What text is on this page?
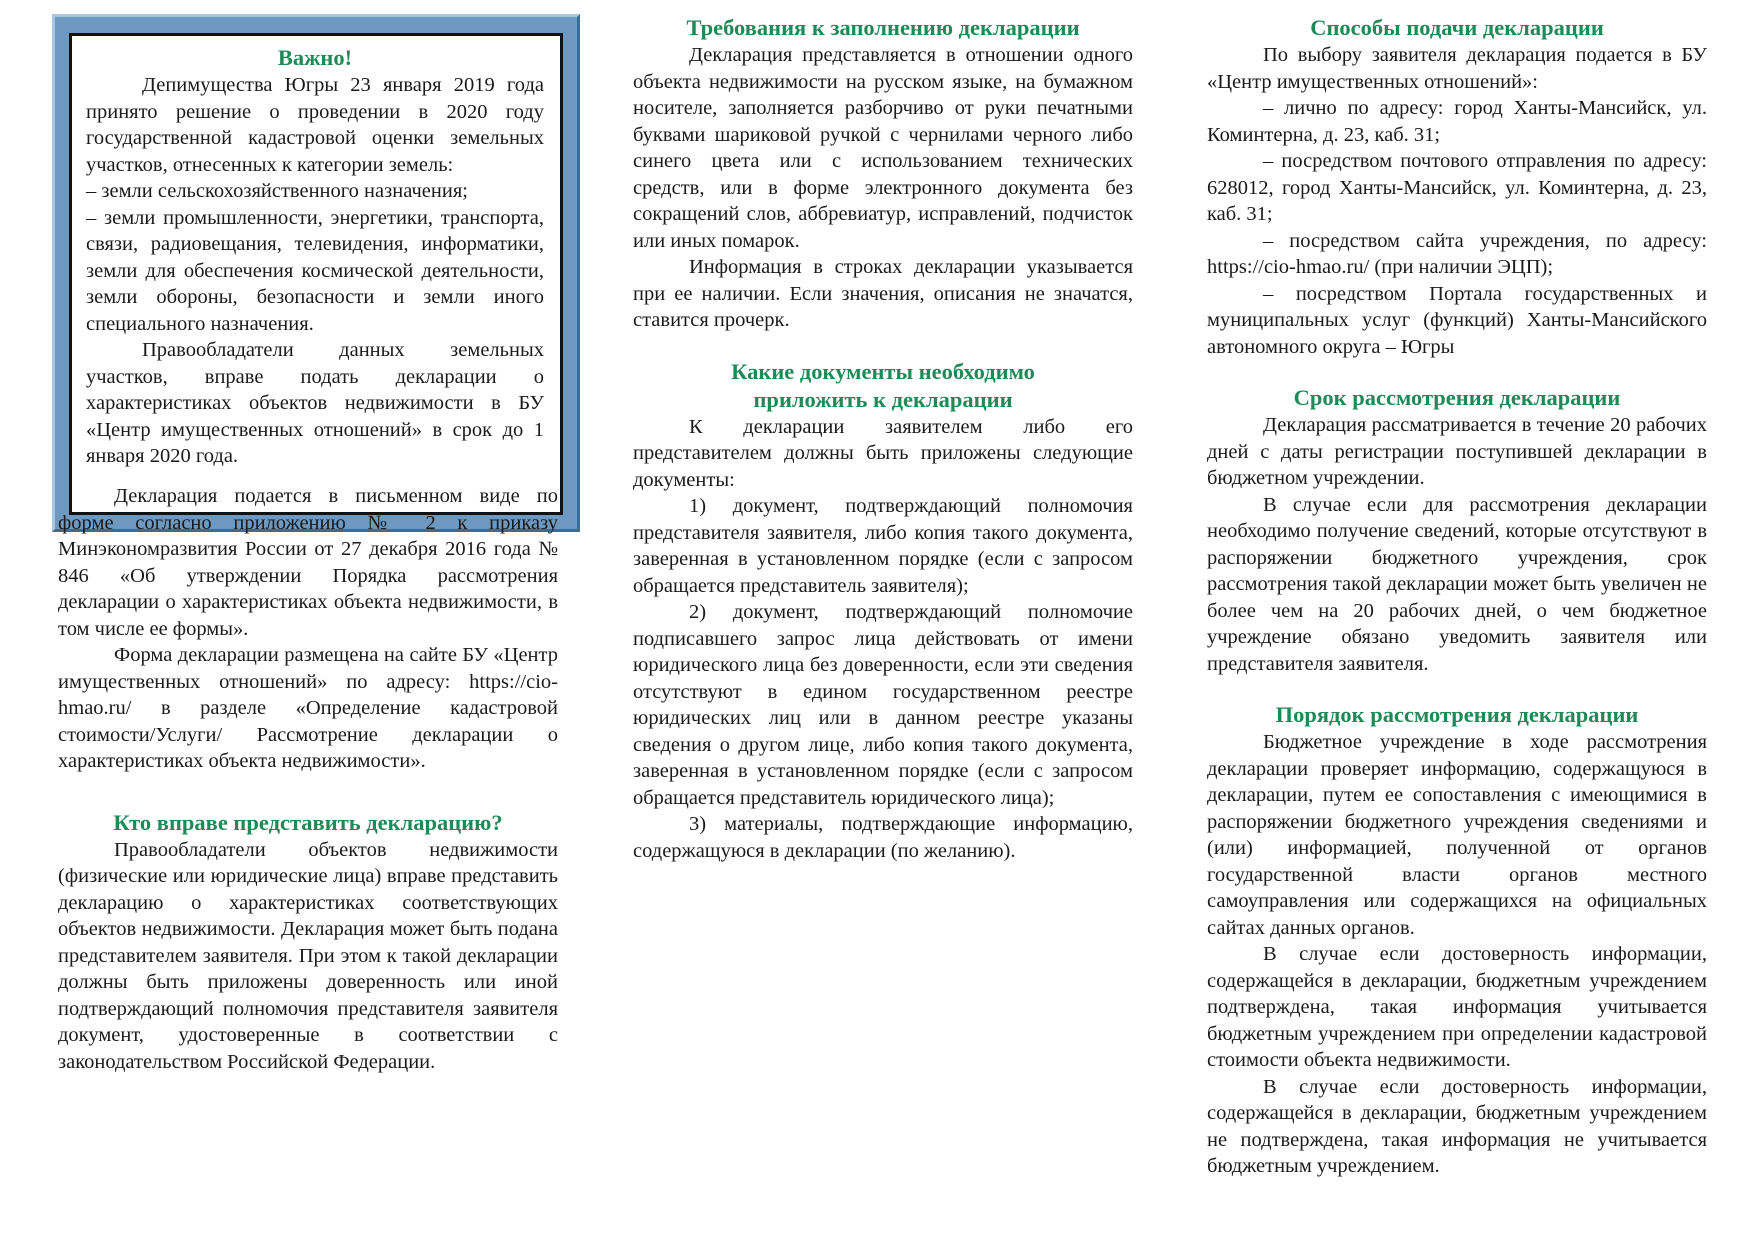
Важно!

Депимущества Югры 23 января 2019 года принято решение о проведении в 2020 году государственной кадастровой оценки земельных участков, отнесенных к категории земель:

– земли сельскохозяйственного назначения;

– земли промышленности, энергетики, транспорта, связи, радиовещания, телевидения, информатики, земли для обеспечения космической деятельности, земли обороны, безопасности и земли иного специального назначения.

Правообладатели данных земельных участков, вправе подать декларации о характеристиках объектов недвижимости в БУ «Центр имущественных отношений» в срок до 1 января 2020 года.

Декларация подается в письменном виде по форме согласно приложению № 2 к приказу Минэкономразвития России от 27 декабря 2016 года № 846 «Об утверждении Порядка рассмотрения декларации о характеристиках объекта недвижимости, в том числе ее формы».

Форма декларации размещена на сайте БУ «Центр имущественных отношений» по адресу: https://cio-hmao.ru/ в разделе «Определение кадастровой стоимости/Услуги/ Рассмотрение декларации о характеристиках объекта недвижимости».

Кто вправе представить декларацию?

Правообладатели объектов недвижимости (физические или юридические лица) вправе представить декларацию о характеристиках соответствующих объектов недвижимости. Декларация может быть подана представителем заявителя. При этом к такой декларации должны быть приложены доверенность или иной подтверждающий полномочия представителя заявителя документ, удостоверенные в соответствии с законодательством Российской Федерации.

Требования к заполнению декларации

Декларация представляется в отношении одного объекта недвижимости на русском языке, на бумажном носителе, заполняется разборчиво от руки печатными буквами шариковой ручкой с чернилами черного либо синего цвета или с использованием технических средств, или в форме электронного документа без сокращений слов, аббревиатур, исправлений, подчисток или иных помарок.

Информация в строках декларации указывается при ее наличии. Если значения, описания не значатся, ставится прочерк.

Какие документы необходимо
приложить к декларации

К декларации заявителем либо его представителем должны быть приложены следующие документы:

1) документ, подтверждающий полномочия представителя заявителя, либо копия такого документа, заверенная в установленном порядке (если с запросом обращается представитель заявителя);

2) документ, подтверждающий полномочие подписавшего запрос лица действовать от имени юридического лица без доверенности, если эти сведения отсутствуют в едином государственном реестре юридических лиц или в данном реестре указаны сведения о другом лице, либо копия такого документа, заверенная в установленном порядке (если с запросом обращается представитель юридического лица);

3) материалы, подтверждающие информацию, содержащуюся в декларации (по желанию).

Способы подачи декларации

По выбору заявителя декларация подается в БУ «Центр имущественных отношений»:

– лично по адресу: город Ханты-Мансийск, ул. Коминтерна, д. 23, каб. 31;

– посредством почтового отправления по адресу: 628012, город Ханты-Мансийск, ул. Коминтерна, д. 23, каб. 31;

– посредством сайта учреждения, по адресу: https://cio-hmao.ru/ (при наличии ЭЦП);

– посредством Портала государственных и муниципальных услуг (функций) Ханты-Мансийского автономного округа – Югры

Срок рассмотрения декларации

Декларация рассматривается в течение 20 рабочих дней с даты регистрации поступившей декларации в бюджетном учреждении.

В случае если для рассмотрения декларации необходимо получение сведений, которые отсутствуют в распоряжении бюджетного учреждения, срок рассмотрения такой декларации может быть увеличен не более чем на 20 рабочих дней, о чем бюджетное учреждение обязано уведомить заявителя или представителя заявителя.

Порядок рассмотрения декларации

Бюджетное учреждение в ходе рассмотрения декларации проверяет информацию, содержащуюся в декларации, путем ее сопоставления с имеющимися в распоряжении бюджетного учреждения сведениями и (или) информацией, полученной от органов государственной власти органов местного самоуправления или содержащихся на официальных сайтах данных органов.

В случае если достоверность информации, содержащейся в декларации, бюджетным учреждением подтверждена, такая информация учитывается бюджетным учреждением при определении кадастровой стоимости объекта недвижимости.

В случае если достоверность информации, содержащейся в декларации, бюджетным учреждением не подтверждена, такая информация не учитывается бюджетным учреждением.
